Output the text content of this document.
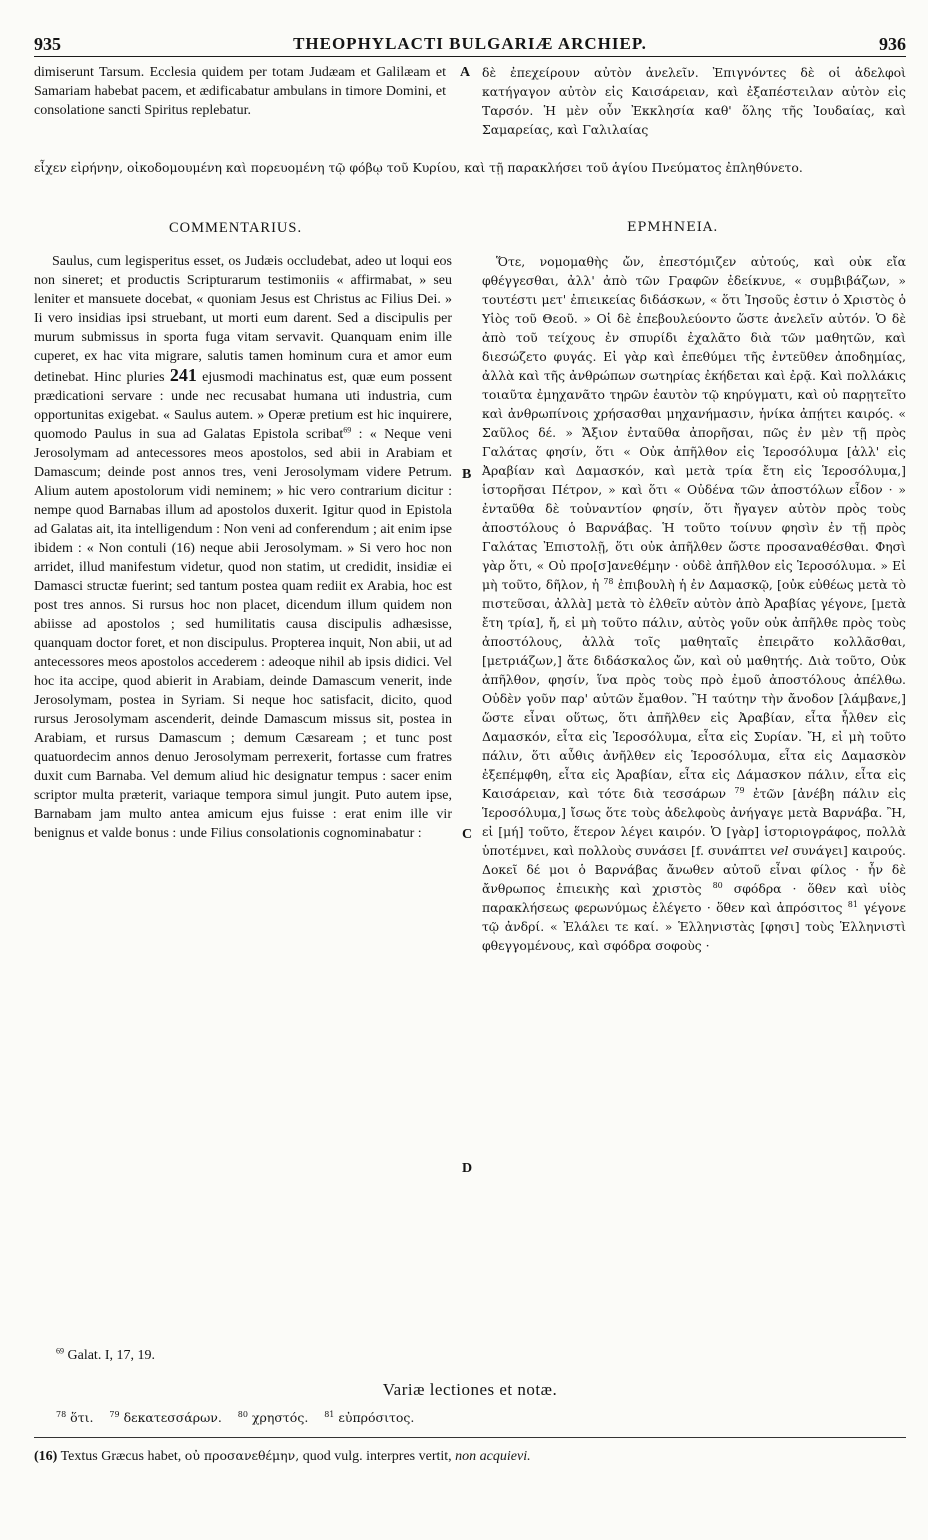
935	THEOPHYLACTI BULGARIÆ ARCHIEP.	936
A
B
C
D
dimiserunt Tarsum. Ecclesia quidem per totam Judæam et Galilæam et Samariam habebat pacem, et ædificabatur ambulans in timore Domini, et consolatione sancti Spiritus replebatur.
δὲ ἐπεχείρουν αὐτὸν ἀνελεῖν. Ἐπιγνόντες δὲ οἱ ἀδελφοὶ κατήγαγον αὐτὸν εἰς Καισάρειαν, καὶ ἐξαπέστειλαν αὐτὸν εἰς Ταρσόν. Ἡ μὲν οὖν Ἐκκλησία καθ' ὅλης τῆς Ἰουδαίας, καὶ Σαμαρείας, καὶ Γαλιλαίας
εἶχεν εἰρήνην, οἰκοδομουμένη καὶ πορευομένη τῷ φόβῳ τοῦ Κυρίου, καὶ τῇ παρακλήσει τοῦ ἁγίου Πνεύματος ἐπληθύνετο.
COMMENTARIUS.	ΕΡΜΗΝΕΙΑ.

Saulus, cum legisperitus esset, os Judæis occludebat, adeo ut loqui eos non sineret; et productis Scripturarum testimoniis « affirmabat, » seu leniter et mansuete docebat, « quoniam Jesus est Christus ac Filius Dei. » Ii vero insidias ipsi struebant, ut morti eum darent. Sed a discipulis per murum submissus in sporta fuga vitam servavit. Quanquam enim ille cuperet, ex hac vita migrare, salutis tamen hominum cura et amor eum detinebat. Hinc pluries 241 ejusmodi machinatus est, quæ eum possent prædicationi servare : unde nec recusabat humana uti industria, cum opportunitas exigebat. « Saulus autem. » Operæ pretium est hic inquirere, quomodo Paulus in sua ad Galatas Epistola scribat$^{69}$ : « Neque veni Jerosolymam ad antecessores meos apostolos, sed abii in Arabiam et Damascum; deinde post annos tres, veni Jerosolymam videre Petrum. Alium autem apostolorum vidi neminem; » hic vero contrarium dicitur : nempe quod Barnabas illum ad apostolos duxerit. Igitur quod in Epistola ad Galatas ait, ita intelligendum : Non veni ad conferendum ; ait enim ipse ibidem : « Non contuli (16) neque abii Jerosolymam. » Si vero hoc non arridet, illud manifestum videtur, quod non statim, ut credidit, insidiæ ei Damasci structæ fuerint; sed tantum postea quam rediit ex Arabia, hoc est post tres annos. Si rursus hoc non placet, dicendum illum quidem non abiisse ad apostolos ; sed humilitatis causa discipulis adhæsisse, quanquam doctor foret, et non discipulus. Propterea inquit, Non abii, ut ad antecessores meos apostolos accederem : adeoque nihil ab ipsis didici. Vel hoc ita accipe, quod abierit in Arabiam, deinde Damascum venerit, inde Jerosolymam, postea in Syriam. Si neque hoc satisfacit, dicito, quod rursus Jerosolymam ascenderit, deinde Damascum missus sit, postea in Arabiam, et rursus Damascum ; demum Cæsaream ; et tunc post quatuordecim annos denuo Jerosolymam perrexerit, fortasse cum fratres duxit cum Barnaba. Vel demum aliud hic designatur tempus : sacer enim scriptor multa præterit, variaque tempora simul jungit. Puto autem ipse, Barnabam jam multo antea amicum ejus fuisse : erat enim ille vir benignus et valde bonus : unde Filius consolationis cognominabatur :

Ὅτε, νομομαθὴς ὤν, ἐπεστόμιζεν αὐτούς, καὶ οὐκ εἴα φθέγγεσθαι, ἀλλ' ἀπὸ τῶν Γραφῶν ἐδείκνυε, « συμβιβάζων, » τουτέστι μετ' ἐπιεικείας διδάσκων, « ὅτι Ἰησοῦς ἐστιν ὁ Χριστὸς ὁ Υἱὸς τοῦ Θεοῦ. » Οἱ δὲ ἐπεβουλεύοντο ὥστε ἀνελεῖν αὐτόν. Ὁ δὲ ἀπὸ τοῦ τείχους ἐν σπυρίδι ἐχαλᾶτο διὰ τῶν μαθητῶν, καὶ διεσώζετο φυγάς. Εἰ γὰρ καὶ ἐπεθύμει τῆς ἐντεῦθεν ἀποδημίας, ἀλλὰ καὶ τῆς ἀνθρώπων σωτηρίας ἐκήδεται καὶ ἐρᾷ. Καὶ πολλάκις τοιαῦτα ἐμηχανᾶτο τηρῶν ἑαυτὸν τῷ κηρύγματι, καὶ οὐ παρῃτεῖτο καὶ ἀνθρωπίνοις χρήσασθαι μηχανήμασιν, ἡνίκα ἀπῄτει καιρός. « Σαῦλος δέ. » Ἄξιον ἐνταῦθα ἀπορῆσαι, πῶς ἐν μὲν τῇ πρὸς Γαλάτας φησίν, ὅτι « Οὐκ ἀπῆλθον εἰς Ἱεροσόλυμα [ἀλλ' εἰς Ἀραβίαν καὶ Δαμασκόν, καὶ μετὰ τρία ἔτη εἰς Ἱεροσόλυμα,] ἱστορῆσαι Πέτρον, » καὶ ὅτι « Οὐδένα τῶν ἀποστόλων εἶδον · » ἐνταῦθα δὲ τοὐναντίον φησίν, ὅτι ἤγαγεν αὐτὸν πρὸς τοὺς ἀποστόλους ὁ Βαρνάβας. Ἡ τοῦτο τοίνυν φησὶν ἐν τῇ πρὸς Γαλάτας Ἐπιστολῇ, ὅτι οὐκ ἀπῆλθεν ὥστε προσαναθέσθαι. Φησὶ γὰρ ὅτι, « Οὐ προ[σ]ανεθέμην · οὐδὲ ἀπῆλθον εἰς Ἱεροσόλυμα. » Εἰ μὴ τοῦτο, δῆλον, ἡ $^{78}$ ἐπιβουλὴ ἡ ἐν Δαμασκῷ, [οὐκ εὐθέως μετὰ τὸ πιστεῦσαι, ἀλλὰ] μετὰ τὸ ἐλθεῖν αὐτὸν ἀπὸ Ἀραβίας γέγονε, [μετὰ ἔτη τρία], ἤ, εἰ μὴ τοῦτο πάλιν, αὐτὸς γοῦν οὐκ ἀπῆλθε πρὸς τοὺς ἀποστόλους, ἀλλὰ τοῖς μαθηταῖς ἐπειρᾶτο κολλᾶσθαι, [μετριάζων,] ἅτε διδάσκαλος ὤν, καὶ οὐ μαθητής. Διὰ τοῦτο, Οὐκ ἀπῆλθον, φησίν, ἵνα πρὸς τοὺς πρὸ ἐμοῦ ἀποστόλους ἀπέλθω. Οὐδὲν γοῦν παρ' αὐτῶν ἔμαθον. Ἢ ταύτην τὴν ἄνοδον [λάμβανε,] ὥστε εἶναι οὕτως, ὅτι ἀπῆλθεν εἰς Ἀραβίαν, εἶτα ἦλθεν εἰς Δαμασκόν, εἶτα εἰς Ἱεροσόλυμα, εἶτα εἰς Συρίαν. Ἤ, εἰ μὴ τοῦτο πάλιν, ὅτι αὖθις ἀνῆλθεν εἰς Ἱεροσόλυμα, εἶτα εἰς Δαμασκὸν ἐξεπέμφθη, εἶτα εἰς Ἀραβίαν, εἶτα εἰς Δάμασκον πάλιν, εἶτα εἰς Καισάρειαν, καὶ τότε διὰ τεσσάρων $^{79}$ ἐτῶν [ἀνέβη πάλιν εἰς Ἱεροσόλυμα,] ἴσως ὅτε τοὺς ἀδελφοὺς ἀνήγαγε μετὰ Βαρνάβα. Ἢ, εἰ [μή] τοῦτο, ἕτερον λέγει καιρόν. Ὁ [γὰρ] ἱστοριογράφος, πολλὰ ὑποτέμνει, καὶ πολλοὺς συνάσει [f. συνάπτει vel συνάγει] καιρούς. Δοκεῖ δέ μοι ὁ Βαρνάβας ἄνωθεν αὐτοῦ εἶναι φίλος · ἦν δὲ ἄνθρωπος ἐπιεικὴς καὶ χριστὸς $^{80}$ σφόδρα · ὅθεν καὶ υἱὸς παρακλήσεως φερωνύμως ἐλέγετο · ὅθεν καὶ ἀπρόσιτος $^{81}$ γέγονε τῷ ἀνδρί. « Ἐλάλει τε καί. » Ἑλληνιστὰς [φησι] τοὺς Ἑλληνιστὶ φθεγγομένους, καὶ σφόδρα σοφοὺς ·

$^{69}$ Galat. I, 17, 19.
Variæ lectiones et notæ.
$^{78}$ ὅτι. $^{79}$ δεκατεσσάρων. $^{80}$ χρηστός. $^{81}$ εὐπρόσιτος.
(16) Textus Græcus habet, οὐ προσανεθέμην, quod vulg. interpres vertit, non acquievi.
